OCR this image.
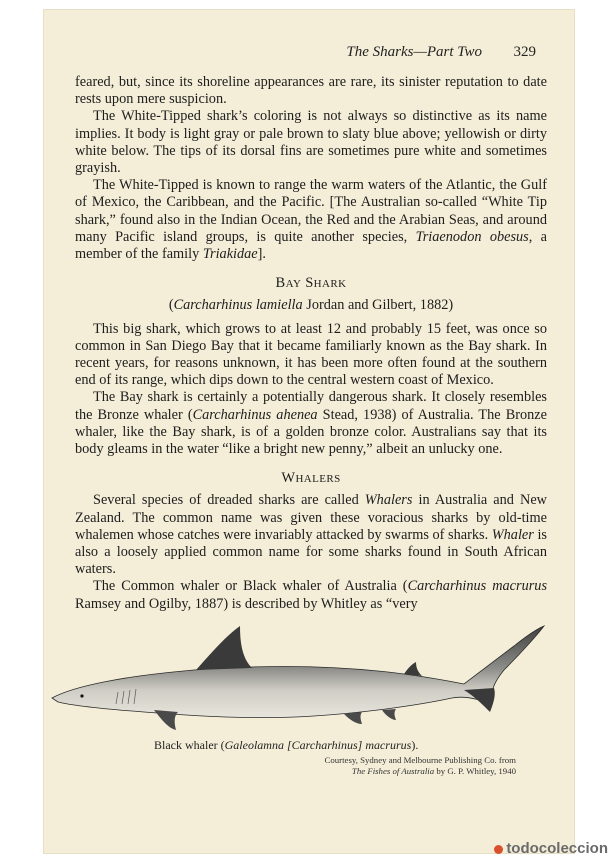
The Sharks—Part Two 329

feared, but, since its shoreline appearances are rare, its sinister reputation to date rests upon mere suspicion.

The White-Tipped shark’s coloring is not always so distinctive as its name implies. It body is light gray or pale brown to slaty blue above; yellowish or dirty white below. The tips of its dorsal fins are sometimes pure white and sometimes grayish.

The White-Tipped is known to range the warm waters of the Atlantic, the Gulf of Mexico, the Caribbean, and the Pacific. [The Australian so-called “White Tip shark,” found also in the Indian Ocean, the Red and the Arabian Seas, and around many Pacific island groups, is quite another species, Triaenodon obesus, a member of the family Triakidae].

BAY SHARK
(Carcharhinus lamiella Jordan and Gilbert, 1882)

This big shark, which grows to at least 12 and probably 15 feet, was once so common in San Diego Bay that it became familiarly known as the Bay shark. In recent years, for reasons unknown, it has been more often found at the southern end of its range, which dips down to the central western coast of Mexico.

The Bay shark is certainly a potentially dangerous shark. It closely resembles the Bronze whaler (Carcharhinus ahenea Stead, 1938) of Australia. The Bronze whaler, like the Bay shark, is of a golden bronze color. Australians say that its body gleams in the water “like a bright new penny,” albeit an unlucky one.

WHALERS

Several species of dreaded sharks are called Whalers in Australia and New Zealand. The common name was given these voracious sharks by old-time whalemen whose catches were invariably attacked by swarms of sharks. Whaler is also a loosely applied common name for some sharks found in South African waters.

The Common whaler or Black whaler of Australia (Carcharhinus macrurus Ramsey and Ogilby, 1887) is described by Whitley as “very

Black whaler (Galeolamna [Carcharhinus] macrurus).
Courtesy, Sydney and Melbourne Publishing Co. from
The Fishes of Australia by G. P. Whitley, 1940
todocoleccion
